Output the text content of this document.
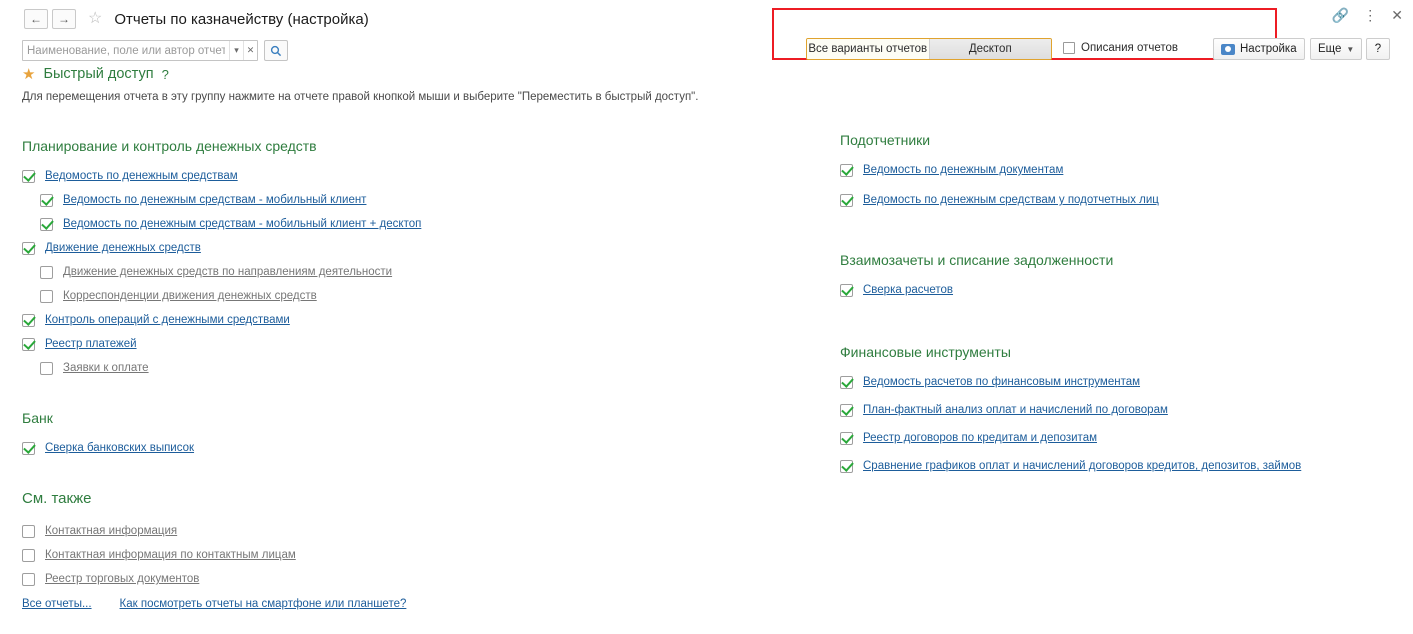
← → ☆ Отчеты по казначейству (настройка)	🔗 ⋮ ✕
Наименование, поле или автор отчета
▾ ✕	Все варианты отчетов	Десктоп	Описания отчетов	Настройка Еще ▼ ?
★ Быстрый доступ ?
Для перемещения отчета в эту группу нажмите на отчете правой кнопкой мыши и выберите "Переместить в быстрый доступ".
Планирование и контроль денежных средств
Ведомость по денежным средствам
Ведомость по денежным средствам - мобильный клиент
Ведомость по денежным средствам - мобильный клиент + десктоп
Движение денежных средств
Движение денежных средств по направлениям деятельности
Корреспонденции движения денежных средств
Контроль операций с денежными средствами
Реестр платежей
Заявки к оплате
Банк
Сверка банковских выписок
См. также
Контактная информация
Контактная информация по контактным лицам
Реестр торговых документов
Подотчетники
Ведомость по денежным документам
Ведомость по денежным средствам у подотчетных лиц
Взаимозачеты и списание задолженности
Сверка расчетов
Финансовые инструменты
Ведомость расчетов по финансовым инструментам
План-фактный анализ оплат и начислений по договорам
Реестр договоров по кредитам и депозитам
Сравнение графиков оплат и начислений договоров кредитов, депозитов, займов
Все отчеты... Как посмотреть отчеты на смартфоне или планшете?
